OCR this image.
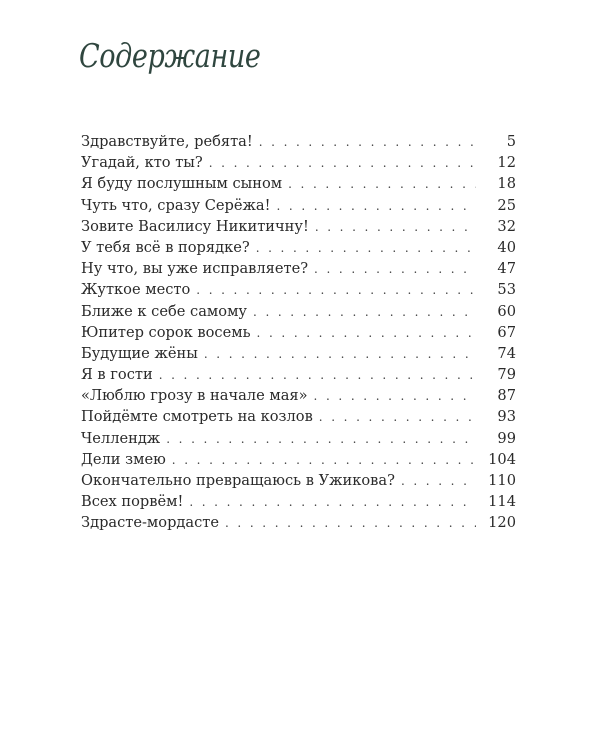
Содержание
Здравствуйте, ребята! . . .	5
Угадай, кто ты? . . .	12
Я буду послушным сыном . . .	18
Чуть что, сразу Серёжа! . . .	25
Зовите Василису Никитичну! . . .	32
У тебя всё в порядке? . . .	40
Ну что, вы уже исправляете? . . .	47
Жуткое место . . .	53
Ближе к себе самому . . .	60
Юпитер сорок восемь . . .	67
Будущие жёны . . .	74
Я в гости . . .	79
«Люблю грозу в начале мая» . . .	87
Пойдёмте смотреть на козлов . . .	93
Челлендж . . .	99
Дели змею . . .	104
Окончательно превращаюсь в Ужикова? . . .	110
Всех порвём! . . .	114
Здрасте-мордасте . . .	120
